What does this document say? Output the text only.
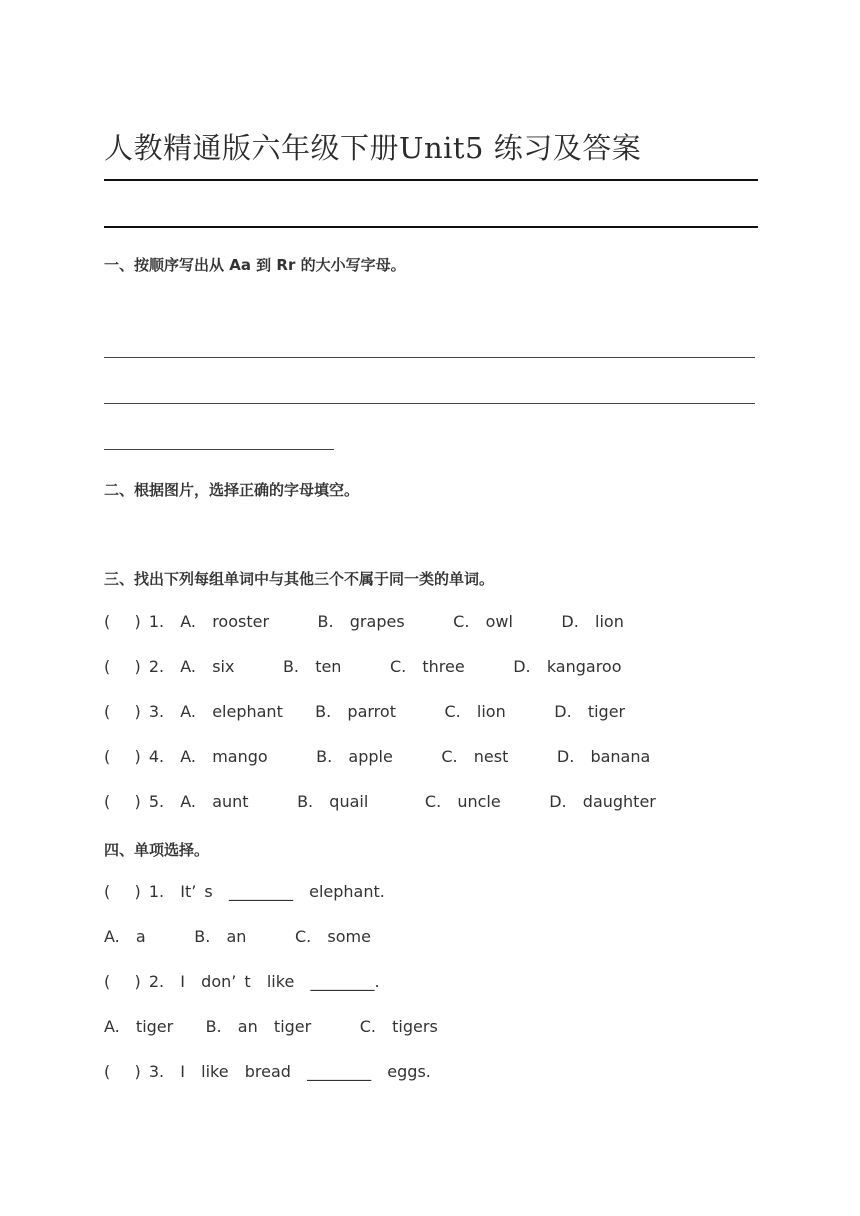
人教精通版六年级下册Unit5 练习及答案

一、按顺序写出从 Aa 到 Rr 的大小写字母。

二、根据图片，选择正确的字母填空。

三、找出下列每组单词中与其他三个不属于同一类的单词。

(   ) 1.  A.  rooster      B.  grapes      C.  owl      D.  lion

(   ) 2.  A.  six      B.  ten      C.  three      D.  kangaroo

(   ) 3.  A.  elephant    B.  parrot      C.  lion      D.  tiger

(   ) 4.  A.  mango      B.  apple      C.  nest      D.  banana

(   ) 5.  A.  aunt      B.  quail       C.  uncle      D.  daughter

四、单项选择。

(   ) 1.  It’ s  ________  elephant.

A.  a      B.  an      C.  some

(   ) 2.  I  don’ t  like  ________.

A.  tiger    B.  an  tiger      C.  tigers

(   ) 3.  I  like  bread  ________  eggs.
